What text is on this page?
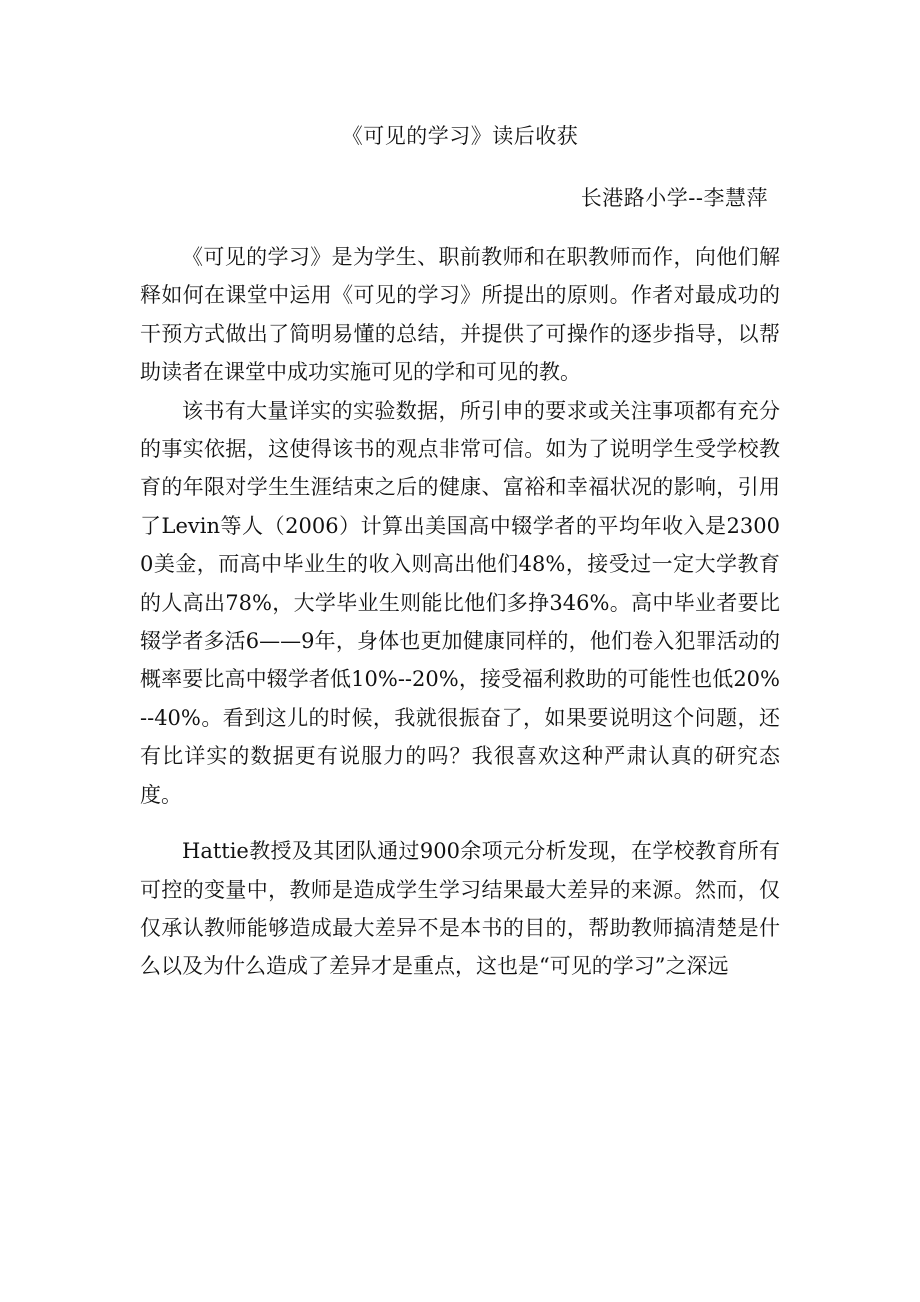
《可见的学习》读后收获
长港路小学--李慧萍

《可见的学习》是为学生、职前教师和在职教师而作，向他们解释如何在课堂中运用《可见的学习》所提出的原则。作者对最成功的干预方式做出了简明易懂的总结，并提供了可操作的逐步指导，以帮助读者在课堂中成功实施可见的学和可见的教。

该书有大量详实的实验数据，所引申的要求或关注事项都有充分的事实依据，这使得该书的观点非常可信。如为了说明学生受学校教育的年限对学生生涯结束之后的健康、富裕和幸福状况的影响，引用了Levin等人（2006）计算出美国高中辍学者的平均年收入是23000美金，而高中毕业生的收入则高出他们48%，接受过一定大学教育的人高出78%，大学毕业生则能比他们多挣346%。高中毕业者要比辍学者多活6——9年，身体也更加健康同样的，他们卷入犯罪活动的概率要比高中辍学者低10%--20%，接受福利救助的可能性也低20%--40%。看到这儿的时候，我就很振奋了，如果要说明这个问题，还有比详实的数据更有说服力的吗？我很喜欢这种严肃认真的研究态度。

Hattie教授及其团队通过900余项元分析发现，在学校教育所有可控的变量中，教师是造成学生学习结果最大差异的来源。然而，仅仅承认教师能够造成最大差异不是本书的目的，帮助教师搞清楚是什么以及为什么造成了差异才是重点，这也是“可见的学习”之深远
